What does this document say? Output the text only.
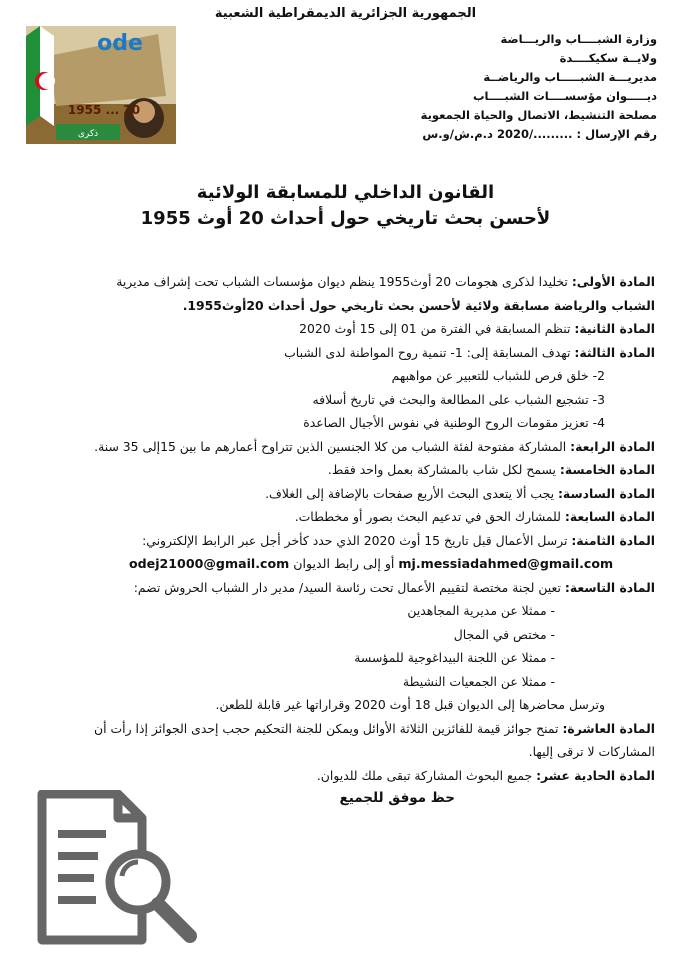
الجمهورية الجزائرية الديمقراطية الشعبية
وزارة الشبــــاب والريـــاضة
ولايــة سكيكــــدة
مديريـــة الشبـــــاب والرياضــة
ديـــــوان مؤسســــات الشبــــاب
مصلحة التنشيط، الاتصال والحياة الجمعوية
رقم الإرسال : ........./2020 د.م.ش/و.س
ذكرى
ode
20 ... 1955
القانون الداخلي للمسابقة الولائية
لأحسن بحث تاريخي حول أحداث 20 أوث 1955
المادة الأولى: تخليدا لذكرى هجومات 20 أوث1955 ينظم ديوان مؤسسات الشباب تحت إشراف مديرية
الشباب والرياضة مسابقة ولائية لأحسن بحث تاريخي حول أحداث 20أوث1955.
المادة الثانية: تنظم المسابقة في الفترة من 01 إلى 15 أوث 2020
المادة الثالثة: تهدف المسابقة إلى: 1- تنمية روح المواطنة لدى الشباب
2- خلق فرص للشباب للتعبير عن مواهبهم
3- تشجيع الشباب على المطالعة والبحث في تاريخ أسلافه
4- تعزيز مقومات الروح الوطنية في نفوس الأجيال الصاعدة
المادة الرابعة: المشاركة مفتوحة لفئة الشباب من كلا الجنسين الذين تتراوح أعمارهم ما بين 15إلى 35 سنة.
المادة الخامسة: يسمح لكل شاب بالمشاركة بعمل واحد فقط.
المادة السادسة: يجب ألا يتعدى البحث الأربع صفحات بالإضافة إلى الغلاف.
المادة السابعة: للمشارك الحق في تدعيم البحث بصور أو مخططات.
المادة الثامنة: ترسل الأعمال قبل تاريخ 15 أوث 2020 الذي حدد كأخر أجل عبر الرابط الإلكتروني:
odej21000@gmail.com أو إلى رابط الديوان mj.messiadahmed@gmail.com
المادة التاسعة: تعين لجنة مختصة لتقييم الأعمال تحت رئاسة السيد/ مدير دار الشباب الحروش تضم:
- ممثلا عن مديرية المجاهدين
- مختص في المجال
- ممثلا عن اللجنة البيداغوجية للمؤسسة
- ممثلا عن الجمعيات النشيطة
وترسل محاضرها إلى الديوان قبل 18 أوث 2020 وقراراتها غير قابلة للطعن.
المادة العاشرة: تمنح جوائز قيمة للفائزين الثلاثة الأوائل ويمكن للجنة التحكيم حجب إحدى الجوائز إذا رأت أن
المشاركات لا ترقى إليها.
المادة الحادية عشر: جميع البحوث المشاركة تبقى ملك للديوان.
حظ موفق للجميع
